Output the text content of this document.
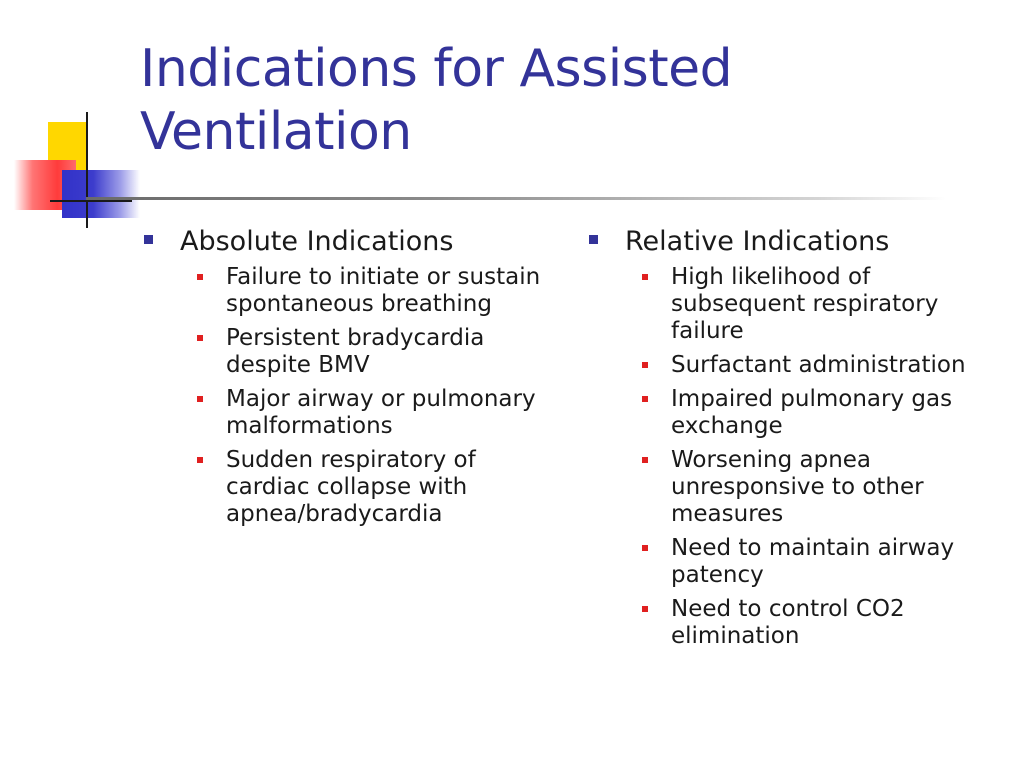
Indications for Assisted Ventilation
Absolute Indications
Failure to initiate or sustain spontaneous breathing
Persistent bradycardia despite BMV
Major airway or pulmonary malformations
Sudden respiratory of cardiac collapse with apnea/bradycardia
Relative Indications
High likelihood of subsequent respiratory failure
Surfactant administration
Impaired pulmonary gas exchange
Worsening apnea unresponsive to other measures
Need to maintain airway patency
Need to control CO2 elimination
